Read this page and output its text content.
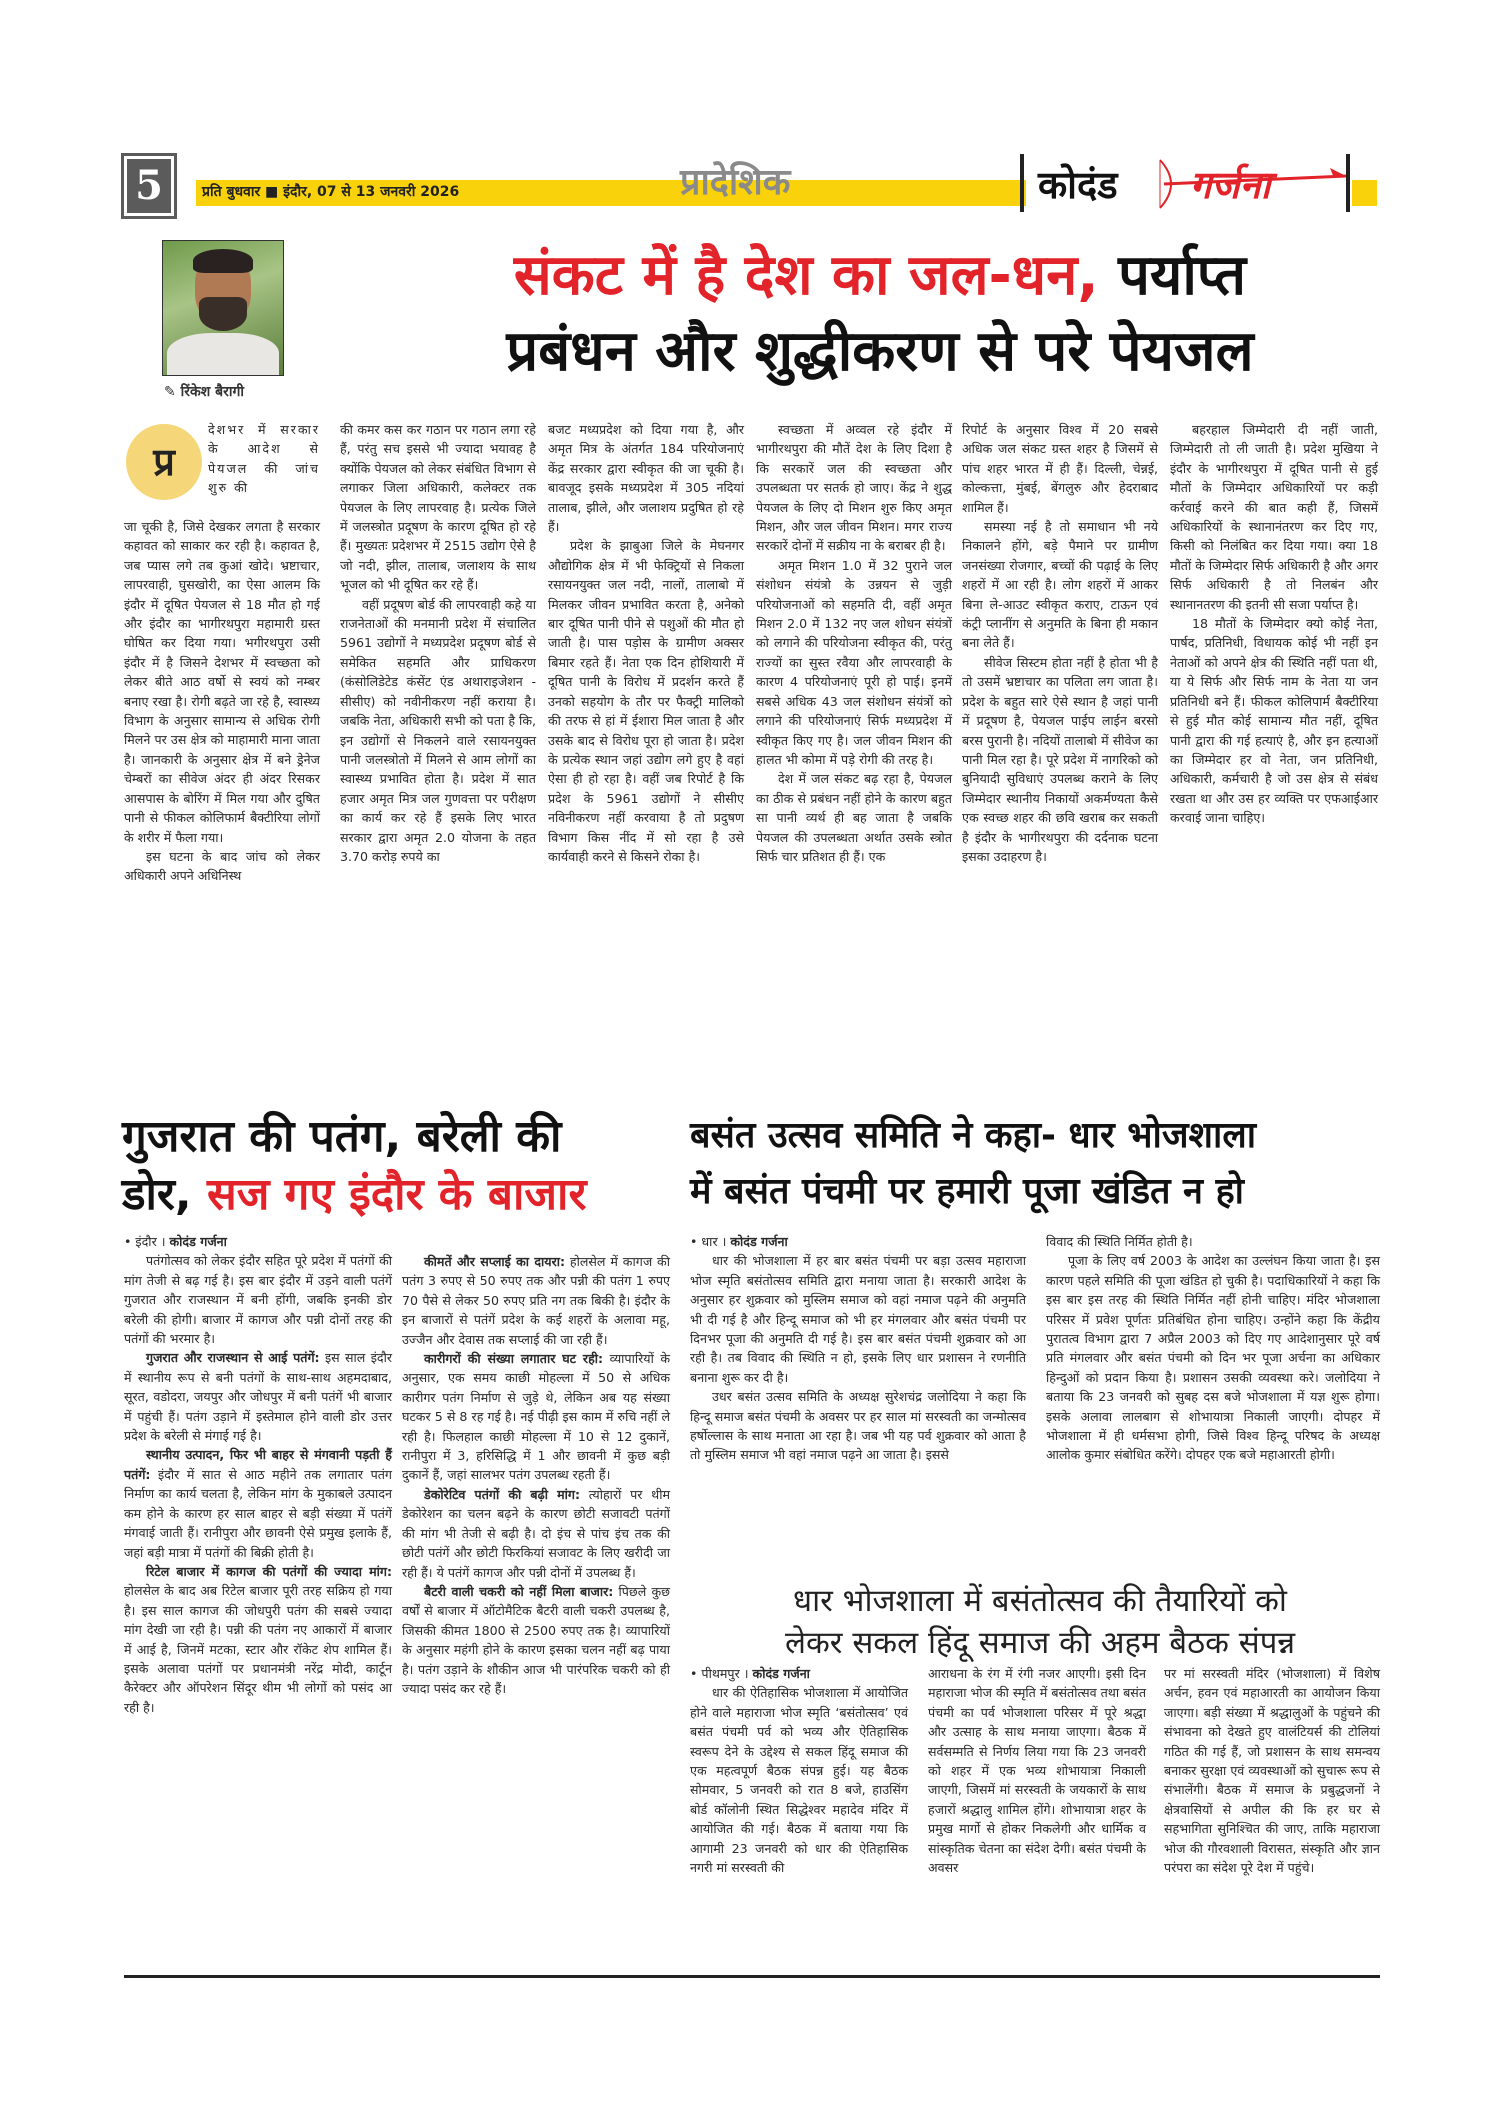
5	प्रति बुधवार ■ इंदौर, 07 से 13 जनवरी 2026	प्रादेशिक	कोदंड गर्जना
✎ रिंकेश बैरागी
संकट में है देश का जल-धन, पर्याप्त
प्रबंधन और शुद्धीकरण से परे पेयजल
प्र

देशभर में सरकार के आदेश से पेयजल की जांच शुरु की

जा चूकी है, जिसे देखकर लगता है सरकार कहावत को साकार कर रही है। कहावत है, जब प्यास लगे तब कुआं खोदे। भ्रष्टाचार, लापरवाही, घुसखोरी, का ऐसा आलम कि इंदौर में दूषित पेयजल से 18 मौत हो गई और इंदौर का भागीरथपुरा महामारी ग्रस्त घोषित कर दिया गया। भगीरथपुरा उसी इंदौर में है जिसने देशभर में स्वच्छता को लेकर बीते आठ वर्षो से स्वयं को नम्बर बनाए रखा है। रोगी बढ़ते जा रहे है, स्वास्थ्य विभाग के अनुसार सामान्य से अधिक रोगी मिलने पर उस क्षेत्र को माहामारी माना जाता है। जानकारी के अनुसार क्षेत्र में बने ड्रेनेज चेम्बरों का सीवेज अंदर ही अंदर रिसकर आसपास के बोरिंग में मिल गया और दुषित पानी से फीकल कोलिफार्म बैक्टीरिया लोगों के शरीर में फैला गया।

इस घटना के बाद जांच को लेकर अधिकारी अपने अधिनिस्थ

की कमर कस कर गठान पर गठान लगा रहे हैं, परंतु सच इससे भी ज्यादा भयावह है क्योंकि पेयजल को लेकर संबंधित विभाग से लगाकर जिला अधिकारी, कलेक्टर तक पेयजल के लिए लापरवाह है। प्रत्येक जिले में जलस्त्रोत प्रदूषण के कारण दूषित हो रहे हैं। मुख्यतः प्रदेशभर में 2515 उद्योग ऐसे है जो नदी, झील, तालाब, जलाशय के साथ भूजल को भी दूषित कर रहे हैं।

वहीं प्रदूषण बोर्ड की लापरवाही कहे या राजनेताओं की मनमानी प्रदेश में संचालित 5961 उद्योगों ने मध्यप्रदेश प्रदूषण बोर्ड से समेकित सहमति और प्राधिकरण (कंसोलिडेटेड कंसेंट एंड अथाराइजेशन - सीसीए) को नवीनीकरण नहीं कराया है। जबकि नेता, अधिकारी सभी को पता है कि, इन उद्योगों से निकलने वाले रसायनयुक्त पानी जलस्त्रोतो में मिलने से आम लोगों का स्वास्थ्य प्रभावित होता है। प्रदेश में सात हजार अमृत मित्र जल गुणवत्ता पर परीक्षण का कार्य कर रहे हैं इसके लिए भारत सरकार द्वारा अमृत 2.0 योजना के तहत 3.70 करोड़ रुपये का

बजट मध्यप्रदेश को दिया गया है, और अमृत मित्र के अंतर्गत 184 परियोजनाएं केंद्र सरकार द्वारा स्वीकृत की जा चूकी है। बावजूद इसके मध्यप्रदेश में 305 नदियां तालाब, झीले, और जलाशय प्रदुषित हो रहे हैं।

प्रदेश के झाबुआ जिले के मेघनगर औद्योगिक क्षेत्र में भी फेक्ट्रियों से निकला रसायनयुक्त जल नदी, नालों, तालाबो में मिलकर जीवन प्रभावित करता है, अनेको बार दूषित पानी पीने से पशुओं की मौत हो जाती है। पास पड़ोस के ग्रामीण अक्सर बिमार रहते हैं। नेता एक दिन होशियारी में दूषित पानी के विरोध में प्रदर्शन करते हैं उनको सहयोग के तौर पर फैक्ट्री मालिको की तरफ से हां में ईशारा मिल जाता है और उसके बाद से विरोध पूरा हो जाता है। प्रदेश के प्रत्येक स्थान जहां उद्योग लगे हुए है वहां ऐसा ही हो रहा है। वहीं जब रिपोर्ट है कि प्रदेश के 5961 उद्योगों ने सीसीए नविनीकरण नहीं करवाया है तो प्रदुषण विभाग किस नींद में सो रहा है उसे कार्यवाही करने से किसने रोका है।

स्वच्छता में अव्वल रहे इंदौर में भागीरथपुरा की मौतें देश के लिए दिशा है कि सरकारें जल की स्वच्छता और उपलब्धता पर सतर्क हो जाए। केंद्र ने शुद्ध पेयजल के लिए दो मिशन शुरु किए अमृत मिशन, और जल जीवन मिशन। मगर राज्य सरकारें दोनों में सक्रीय ना के बराबर ही है।

अमृत मिशन 1.0 में 32 पुराने जल संशोधन संयंत्रो के उन्नयन से जुड़ी परियोजनाओं को सहमति दी, वहीं अमृत मिशन 2.0 में 132 नए जल शोधन संयंत्रों को लगाने की परियोजना स्वीकृत की, परंतु राज्यों का सुस्त रवैया और लापरवाही के कारण 4 परियोजनाएं पूरी हो पाई। इनमें सबसे अधिक 43 जल संशोधन संयंत्रों को लगाने की परियोजनाएं सिर्फ मध्यप्रदेश में स्वीकृत किए गए है। जल जीवन मिशन की हालत भी कोमा में पड़े रोगी की तरह है।

देश में जल संकट बढ़ रहा है, पेयजल का ठीक से प्रबंधन नहीं होने के कारण बहुत सा पानी व्यर्थ ही बह जाता है जबकि पेयजल की उपलब्धता अर्थात उसके स्त्रोत सिर्फ चार प्रतिशत ही हैं। एक

रिपोर्ट के अनुसार विश्व में 20 सबसे अधिक जल संकट ग्रस्त शहर है जिसमें से पांच शहर भारत में ही हैं। दिल्ली, चेन्नई, कोल्कत्ता, मुंबई, बेंगलुरु और हेदराबाद शामिल हैं।

समस्या नई है तो समाधान भी नये निकालने होंगे, बड़े पैमाने पर ग्रामीण जनसंख्या रोजगार, बच्चों की पढ़ाई के लिए शहरों में आ रही है। लोग शहरों में आकर बिना ले-आउट स्वीकृत कराए, टाऊन एवं कंट्री प्लानींग से अनुमति के बिना ही मकान बना लेते हैं।

सीवेज सिस्टम होता नहीं है होता भी है तो उसमें भ्रष्टाचार का पलिता लग जाता है। प्रदेश के बहुत सारे ऐसे स्थान है जहां पानी में प्रदूषण है, पेयजल पाईप लाईन बरसो बरस पुरानी है। नदियों तालाबो में सीवेज का पानी मिल रहा है। पूरे प्रदेश में नागरिको को बुनियादी सुविधाएं उपलब्ध कराने के लिए जिम्मेदार स्थानीय निकायों अकर्मण्यता कैसे एक स्वच्छ शहर की छवि खराब कर सकती है इंदौर के भागीरथपुरा की दर्दनाक घटना इसका उदाहरण है।

बहरहाल जिम्मेदारी दी नहीं जाती, जिम्मेदारी तो ली जाती है। प्रदेश मुखिया ने इंदौर के भागीरथपुरा में दूषित पानी से हुई मौतों के जिम्मेदार अधिकारियों पर कड़ी कर्रवाई करने की बात कही हैं, जिसमें अधिकारियों के स्थानानंतरण कर दिए गए, किसी को निलंबित कर दिया गया। क्या 18 मौतों के जिम्मेदार सिर्फ अधिकारी है और अगर सिर्फ अधिकारी है तो निलबंन और स्थानानतरण की इतनी सी सजा पर्याप्त है।

18 मौतों के जिम्मेदार क्यो कोई नेता, पार्षद, प्रतिनिधी, विधायक कोई भी नहीं इन नेताओं को अपने क्षेत्र की स्थिति नहीं पता थी, या ये सिर्फ और सिर्फ नाम के नेता या जन प्रतिनिधी बने हैं। फीकल कोलिपार्म बैक्टीरिया से हुई मौत कोई सामान्य मौत नहीं, दूषित पानी द्वारा की गई हत्याएं है, और इन हत्याओं का जिम्मेदार हर वो नेता, जन प्रतिनिधी, अधिकारी, कर्मचारी है जो उस क्षेत्र से संबंध रखता था और उस हर व्यक्ति पर एफआईआर करवाई जाना चाहिए।

गुजरात की पतंग, बरेली की
डोर, सज गए इंदौर के बाजार

• इंदौर । कोदंड गर्जना

पतंगोत्सव को लेकर इंदौर सहित पूरे प्रदेश में पतंगों की मांग तेजी से बढ़ गई है। इस बार इंदौर में उड़ने वाली पतंगें गुजरात और राजस्थान में बनी होंगी, जबकि इनकी डोर बरेली की होगी। बाजार में कागज और पन्नी दोनों तरह की पतंगों की भरमार है।

गुजरात और राजस्थान से आई पतंगें: इस साल इंदौर में स्थानीय रूप से बनी पतंगों के साथ-साथ अहमदाबाद, सूरत, वडोदरा, जयपुर और जोधपुर में बनी पतंगें भी बाजार में पहुंची हैं। पतंग उड़ाने में इस्तेमाल होने वाली डोर उत्तर प्रदेश के बरेली से मंगाई गई है।

स्थानीय उत्पादन, फिर भी बाहर से मंगवानी पड़ती हैं पतंगें: इंदौर में सात से आठ महीने तक लगातार पतंग निर्माण का कार्य चलता है, लेकिन मांग के मुकाबले उत्पादन कम होने के कारण हर साल बाहर से बड़ी संख्या में पतंगें मंगवाई जाती हैं। रानीपुरा और छावनी ऐसे प्रमुख इलाके हैं, जहां बड़ी मात्रा में पतंगों की बिक्री होती है।

रिटेल बाजार में कागज की पतंगों की ज्यादा मांग: होलसेल के बाद अब रिटेल बाजार पूरी तरह सक्रिय हो गया है। इस साल कागज की जोधपुरी पतंग की सबसे ज्यादा मांग देखी जा रही है। पन्नी की पतंग नए आकारों में बाजार में आई है, जिनमें मटका, स्टार और रॉकेट शेप शामिल हैं। इसके अलावा पतंगों पर प्रधानमंत्री नरेंद्र मोदी, कार्टून कैरेक्टर और ऑपरेशन सिंदूर थीम भी लोगों को पसंद आ रही है।

कीमतें और सप्लाई का दायरा: होलसेल में कागज की पतंग 3 रुपए से 50 रुपए तक और पन्नी की पतंग 1 रुपए 70 पैसे से लेकर 50 रुपए प्रति नग तक बिकी है। इंदौर के इन बाजारों से पतंगें प्रदेश के कई शहरों के अलावा महू, उज्जैन और देवास तक सप्लाई की जा रही हैं।

कारीगरों की संख्या लगातार घट रही: व्यापारियों के अनुसार, एक समय काछी मोहल्ला में 50 से अधिक कारीगर पतंग निर्माण से जुड़े थे, लेकिन अब यह संख्या घटकर 5 से 8 रह गई है। नई पीढ़ी इस काम में रुचि नहीं ले रही है। फिलहाल काछी मोहल्ला में 10 से 12 दुकानें, रानीपुरा में 3, हरिसिद्धि में 1 और छावनी में कुछ बड़ी दुकानें हैं, जहां सालभर पतंग उपलब्ध रहती हैं।

डेकोरेटिव पतंगों की बढ़ी मांग: त्योहारों पर थीम डेकोरेशन का चलन बढ़ने के कारण छोटी सजावटी पतंगों की मांग भी तेजी से बढ़ी है। दो इंच से पांच इंच तक की छोटी पतंगें और छोटी फिरकियां सजावट के लिए खरीदी जा रही हैं। ये पतंगें कागज और पन्नी दोनों में उपलब्ध हैं।

बैटरी वाली चकरी को नहीं मिला बाजार: पिछले कुछ वर्षों से बाजार में ऑटोमैटिक बैटरी वाली चकरी उपलब्ध है, जिसकी कीमत 1800 से 2500 रुपए तक है। व्यापारियों के अनुसार महंगी होने के कारण इसका चलन नहीं बढ़ पाया है। पतंग उड़ाने के शौकीन आज भी पारंपरिक चकरी को ही ज्यादा पसंद कर रहे हैं।

बसंत उत्सव समिति ने कहा- धार भोजशाला
में बसंत पंचमी पर हमारी पूजा खंडित न हो

• धार । कोदंड गर्जना

धार की भोजशाला में हर बार बसंत पंचमी पर बड़ा उत्सव महाराजा भोज स्मृति बसंतोत्सव समिति द्वारा मनाया जाता है। सरकारी आदेश के अनुसार हर शुक्रवार को मुस्लिम समाज को वहां नमाज पढ़ने की अनुमति भी दी गई है और हिन्दू समाज को भी हर मंगलवार और बसंत पंचमी पर दिनभर पूजा की अनुमति दी गई है। इस बार बसंत पंचमी शुक्रवार को आ रही है। तब विवाद की स्थिति न हो, इसके लिए धार प्रशासन ने रणनीति बनाना शुरू कर दी है।

उधर बसंत उत्सव समिति के अध्यक्ष सुरेशचंद्र जलोदिया ने कहा कि हिन्दू समाज बसंत पंचमी के अवसर पर हर साल मां सरस्वती का जन्मोत्सव हर्षोल्लास के साथ मनाता आ रहा है। जब भी यह पर्व शुक्रवार को आता है तो मुस्लिम समाज भी वहां नमाज पढ़ने आ जाता है। इससे

विवाद की स्थिति निर्मित होती है।

पूजा के लिए वर्ष 2003 के आदेश का उल्लंघन किया जाता है। इस कारण पहले समिति की पूजा खंडित हो चुकी है। पदाधिकारियों ने कहा कि इस बार इस तरह की स्थिति निर्मित नहीं होनी चाहिए। मंदिर भोजशाला परिसर में प्रवेश पूर्णतः प्रतिबंधित होना चाहिए। उन्होंने कहा कि केंद्रीय पुरातत्व विभाग द्वारा 7 अप्रैल 2003 को दिए गए आदेशानुसार पूरे वर्ष प्रति मंगलवार और बसंत पंचमी को दिन भर पूजा अर्चना का अधिकार हिन्दुओं को प्रदान किया है। प्रशासन उसकी व्यवस्था करे। जलोदिया ने बताया कि 23 जनवरी को सुबह दस बजे भोजशाला में यज्ञ शुरू होगा। इसके अलावा लालबाग से शोभायात्रा निकाली जाएगी। दोपहर में भोजशाला में ही धर्मसभा होगी, जिसे विश्व हिन्दू परिषद के अध्यक्ष आलोक कुमार संबोधित करेंगे। दोपहर एक बजे महाआरती होगी।

धार भोजशाला में बसंतोत्सव की तैयारियों को
लेकर सकल हिंदू समाज की अहम बैठक संपन्न

• पीथमपुर । कोदंड गर्जना

धार की ऐतिहासिक भोजशाला में आयोजित होने वाले महाराजा भोज स्मृति ‘बसंतोत्सव’ एवं बसंत पंचमी पर्व को भव्य और ऐतिहासिक स्वरूप देने के उद्देश्य से सकल हिंदू समाज की एक महत्वपूर्ण बैठक संपन्न हुई। यह बैठक सोमवार, 5 जनवरी को रात 8 बजे, हाउसिंग बोर्ड कॉलोनी स्थित सिद्धेश्वर महादेव मंदिर में आयोजित की गई। बैठक में बताया गया कि आगामी 23 जनवरी को धार की ऐतिहासिक नगरी मां सरस्वती की

आराधना के रंग में रंगी नजर आएगी। इसी दिन महाराजा भोज की स्मृति में बसंतोत्सव तथा बसंत पंचमी का पर्व भोजशाला परिसर में पूरे श्रद्धा और उत्साह के साथ मनाया जाएगा। बैठक में सर्वसम्मति से निर्णय लिया गया कि 23 जनवरी को शहर में एक भव्य शोभायात्रा निकाली जाएगी, जिसमें मां सरस्वती के जयकारों के साथ हजारों श्रद्धालु शामिल होंगे। शोभायात्रा शहर के प्रमुख मार्गो से होकर निकलेगी और धार्मिक व सांस्कृतिक चेतना का संदेश देगी। बसंत पंचमी के अवसर

पर मां सरस्वती मंदिर (भोजशाला) में विशेष अर्चन, हवन एवं महाआरती का आयोजन किया जाएगा। बड़ी संख्या में श्रद्धालुओं के पहुंचने की संभावना को देखते हुए वालंटियर्स की टोलियां गठित की गई हैं, जो प्रशासन के साथ समन्वय बनाकर सुरक्षा एवं व्यवस्थाओं को सुचारू रूप से संभालेंगी। बैठक में समाज के प्रबुद्धजनों ने क्षेत्रवासियों से अपील की कि हर घर से सहभागिता सुनिश्चित की जाए, ताकि महाराजा भोज की गौरवशाली विरासत, संस्कृति और ज्ञान परंपरा का संदेश पूरे देश में पहुंचे।
